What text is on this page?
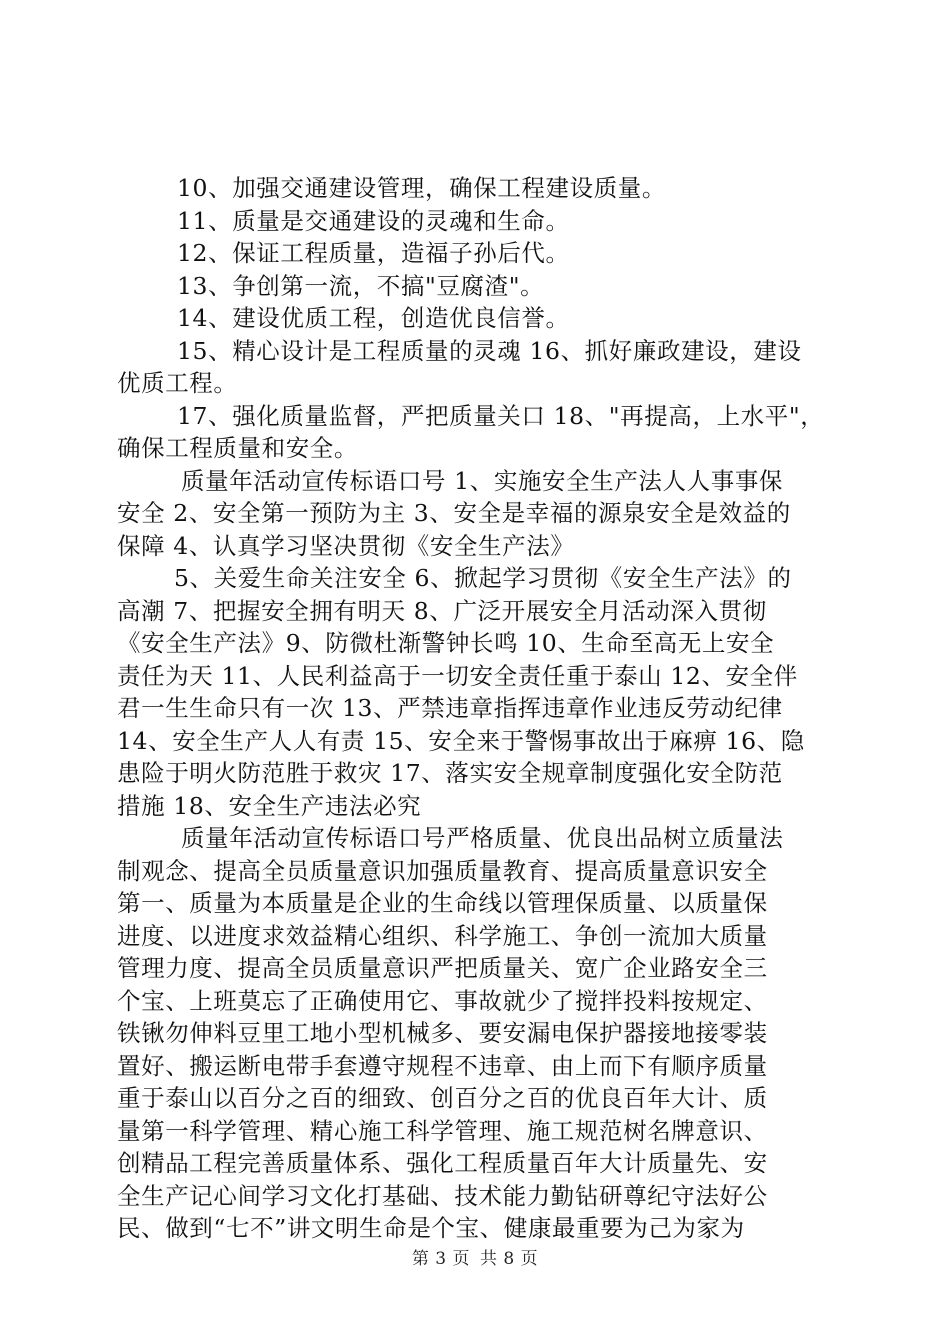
10、加强交通建设管理，确保工程建设质量。
11、质量是交通建设的灵魂和生命。
12、保证工程质量，造福子孙后代。
13、争创第一流，不搞"豆腐渣"。
14、建设优质工程，创造优良信誉。
15、精心设计是工程质量的灵魂 16、抓好廉政建设，建设
优质工程。
17、强化质量监督，严把质量关口 18、"再提高，上水平"，
确保工程质量和安全。
质量年活动宣传标语口号 1、实施安全生产法人人事事保
安全 2、安全第一预防为主 3、安全是幸福的源泉安全是效益的
保障 4、认真学习坚决贯彻《安全生产法》
5、关爱生命关注安全 6、掀起学习贯彻《安全生产法》的
高潮 7、把握安全拥有明天 8、广泛开展安全月活动深入贯彻
《安全生产法》9、防微杜渐警钟长鸣 10、生命至高无上安全
责任为天 11、人民利益高于一切安全责任重于泰山 12、安全伴
君一生生命只有一次 13、严禁违章指挥违章作业违反劳动纪律
14、安全生产人人有责 15、安全来于警惕事故出于麻痹 16、隐
患险于明火防范胜于救灾 17、落实安全规章制度强化安全防范
措施 18、安全生产违法必究
质量年活动宣传标语口号严格质量、优良出品树立质量法
制观念、提高全员质量意识加强质量教育、提高质量意识安全
第一、质量为本质量是企业的生命线以管理保质量、以质量保
进度、以进度求效益精心组织、科学施工、争创一流加大质量
管理力度、提高全员质量意识严把质量关、宽广企业路安全三
个宝、上班莫忘了正确使用它、事故就少了搅拌投料按规定、
铁锹勿伸料豆里工地小型机械多、要安漏电保护器接地接零装
置好、搬运断电带手套遵守规程不违章、由上而下有顺序质量
重于泰山以百分之百的细致、创百分之百的优良百年大计、质
量第一科学管理、精心施工科学管理、施工规范树名牌意识、
创精品工程完善质量体系、强化工程质量百年大计质量先、安
全生产记心间学习文化打基础、技术能力勤钻研尊纪守法好公
民、做到“七不”讲文明生命是个宝、健康最重要为己为家为
第 3 页 共 8 页
